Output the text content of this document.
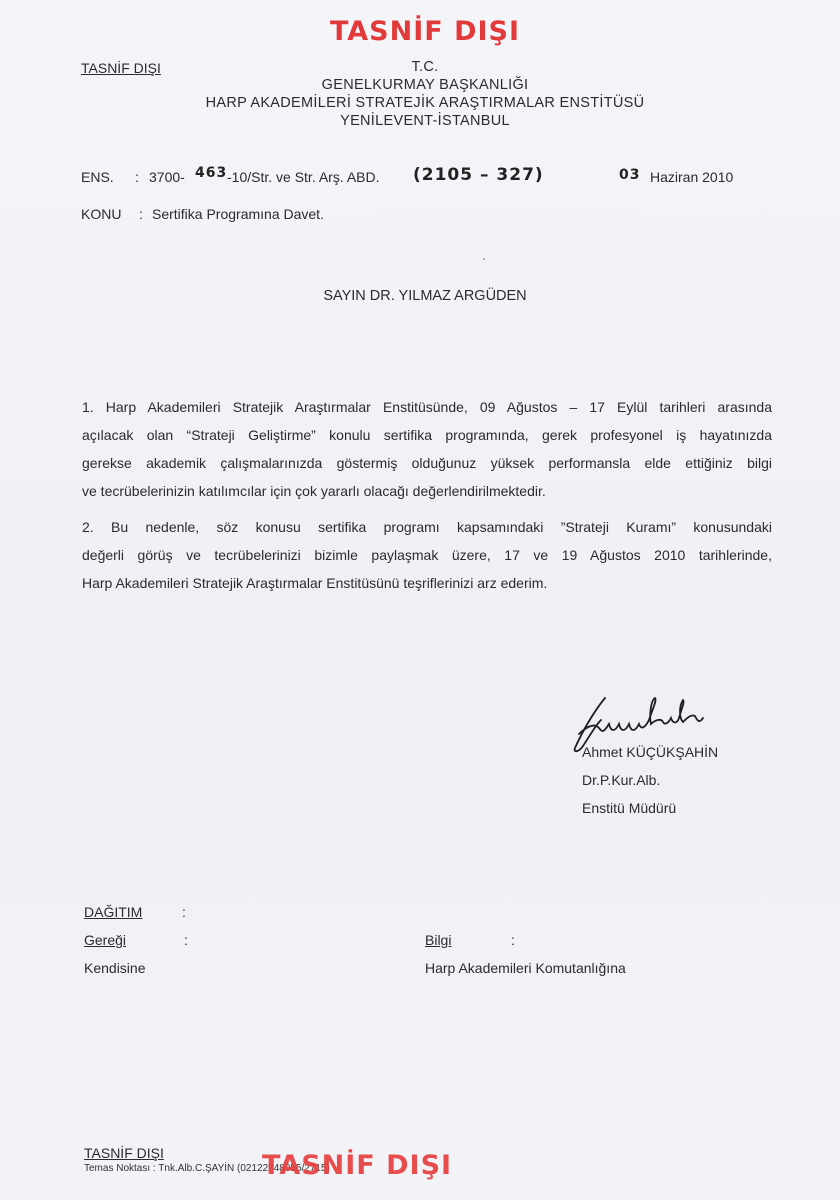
TASNİF DIŞI
TASNİF DIŞI	T.C.
GENELKURMAY BAŞKANLIĞI
HARP AKADEMİLERİ STRATEJİK ARAŞTIRMALAR ENSTİTÜSÜ
YENİLEVENT-İSTANBUL
ENS. : 3700- 463 -10/Str. ve Str. Arş. ABD. (2105 – 327)	03 Haziran 2010
KONU : Sertifika Programına Davet.
SAYIN DR. YILMAZ ARGÜDEN
1. Harp Akademileri Stratejik Araştırmalar Enstitüsünde, 09 Ağustos – 17 Eylül tarihleri arasında
açılacak olan “Strateji Geliştirme” konulu sertifika programında, gerek profesyonel iş hayatınızda
gerekse akademik çalışmalarınızda göstermiş olduğunuz yüksek performansla elde ettiğiniz bilgi
ve tecrübelerinizin katılımcılar için çok yararlı olacağı değerlendirilmektedir.
2. Bu nedenle, söz konusu sertifika programı kapsamındaki ”Strateji Kuramı” konusundaki
değerli görüş ve tecrübelerinizi bizimle paylaşmak üzere, 17 ve 19 Ağustos 2010 tarihlerinde,
Harp Akademileri Stratejik Araştırmalar Enstitüsünü teşriflerinizi arz ederim.
Ahmet KÜÇÜKŞAHİN
Dr.P.Kur.Alb.
Enstitü Müdürü
DAĞITIM	:
Gereği	:
Kendisine
Bilgi	:
Harp Akademileri Komutanlığına
TASNİF DIŞI
Temas Noktası : Tnk.Alb.C.ŞAYİN (02122848055/2715)
TASNİF DIŞI
